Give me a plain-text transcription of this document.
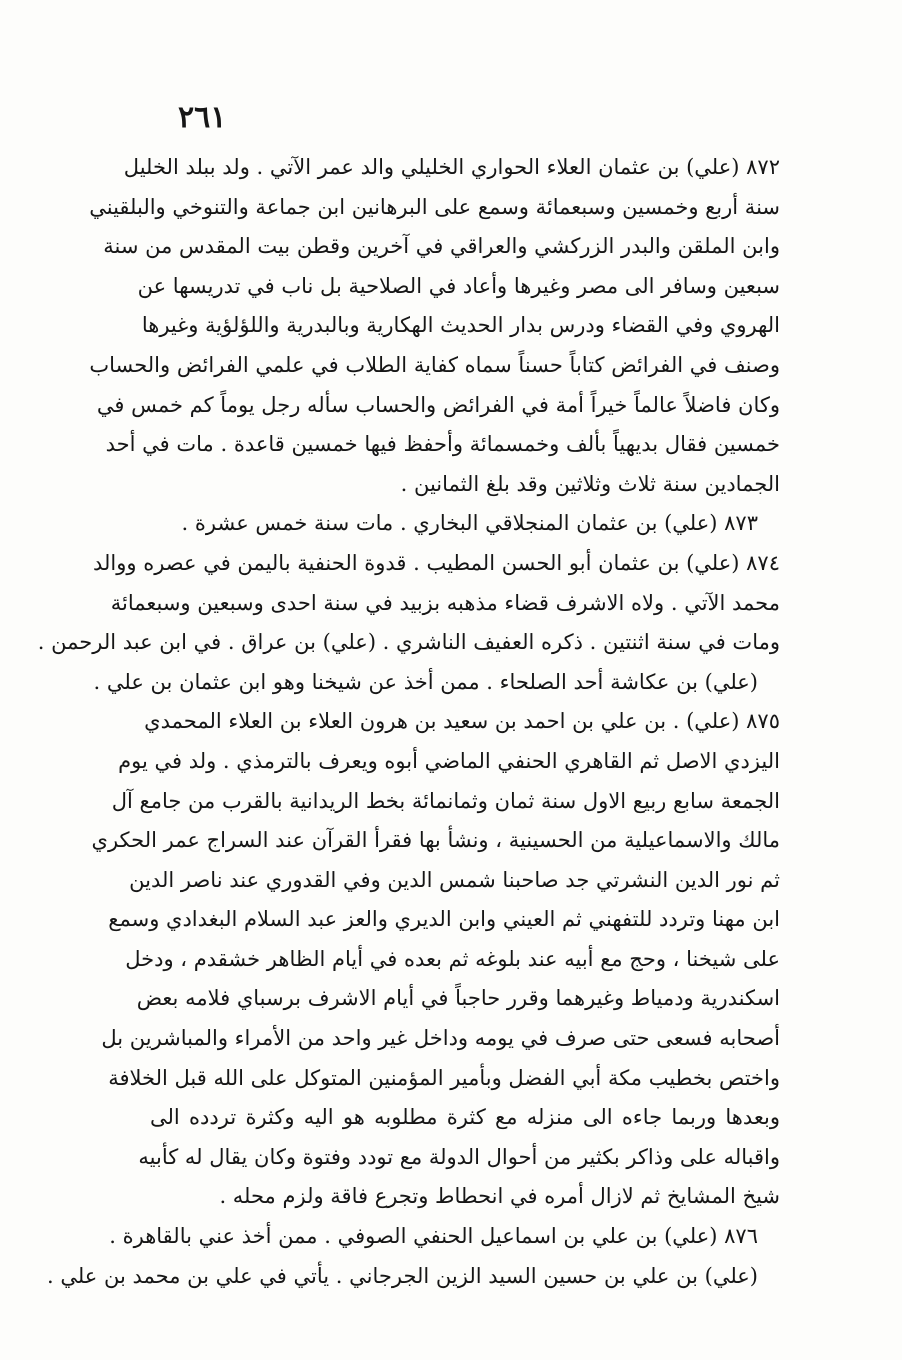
٢٦١
٨٧٢ (علي) بن عثمان العلاء الحواري الخليلي والد عمر الآتي . ولد ببلد الخليل
سنة أربع وخمسين وسبعمائة وسمع على البرهانين ابن جماعة والتنوخي والبلقيني
وابن الملقن والبدر الزركشي والعراقي في آخرين وقطن بيت المقدس من سنة
سبعين وسافر الى مصر وغيرها وأعاد في الصلاحية بل ناب في تدريسها عن
الهروي وفي القضاء ودرس بدار الحديث الهكارية وبالبدرية واللؤلؤية وغيرها
وصنف في الفرائض كتاباً حسناً سماه كفاية الطلاب في علمي الفرائض والحساب
وكان فاضلاً عالماً خيراً أمة في الفرائض والحساب سأله رجل يوماً كم خمس في
خمسين فقال بديهياً بألف وخمسمائة وأحفظ فيها خمسين قاعدة . مات في أحد
الجمادين سنة ثلاث وثلاثين وقد بلغ الثمانين .
٨٧٣ (علي) بن عثمان المنجلاقي البخاري . مات سنة خمس عشرة .
٨٧٤ (علي) بن عثمان أبو الحسن المطيب . قدوة الحنفية باليمن في عصره ووالد
محمد الآتي . ولاه الاشرف قضاء مذهبه بزبيد في سنة احدى وسبعين وسبعمائة
ومات في سنة اثنتين . ذكره العفيف الناشري . (علي) بن عراق . في ابن عبد الرحمن .
(علي) بن عكاشة أحد الصلحاء . ممن أخذ عن شيخنا وهو ابن عثمان بن علي .
٨٧٥ (علي) . بن علي بن احمد بن سعيد بن هرون العلاء بن العلاء المحمدي
اليزدي الاصل ثم القاهري الحنفي الماضي أبوه ويعرف بالترمذي . ولد في يوم
الجمعة سابع ربيع الاول سنة ثمان وثمانمائة بخط الريدانية بالقرب من جامع آل
مالك والاسماعيلية من الحسينية ، ونشأ بها فقرأ القرآن عند السراج عمر الحكري
ثم نور الدين النشرتي جد صاحبنا شمس الدين وفي القدوري عند ناصر الدين
ابن مهنا وتردد للتفهني ثم العيني وابن الديري والعز عبد السلام البغدادي وسمع
على شيخنا ، وحج مع أبيه عند بلوغه ثم بعده في أيام الظاهر خشقدم ، ودخل
اسكندرية ودمياط وغيرهما وقرر حاجباً في أيام الاشرف برسباي فلامه بعض
أصحابه فسعى حتى صرف في يومه وداخل غير واحد من الأمراء والمباشرين بل
واختص بخطيب مكة أبي الفضل وبأمير المؤمنين المتوكل على الله قبل الخلافة
وبعدها وربما جاءه الى منزله مع كثرة مطلوبه هو اليه وكثرة تردده الى
واقباله على وذاكر بكثير من أحوال الدولة مع تودد وفتوة وكان يقال له كأبيه
شيخ المشايخ ثم لازال أمره في انحطاط وتجرع فاقة ولزم محله .
٨٧٦ (علي) بن علي بن اسماعيل الحنفي الصوفي . ممن أخذ عني بالقاهرة .
(علي) بن علي بن حسين السيد الزين الجرجاني . يأتي في علي بن محمد بن علي .
